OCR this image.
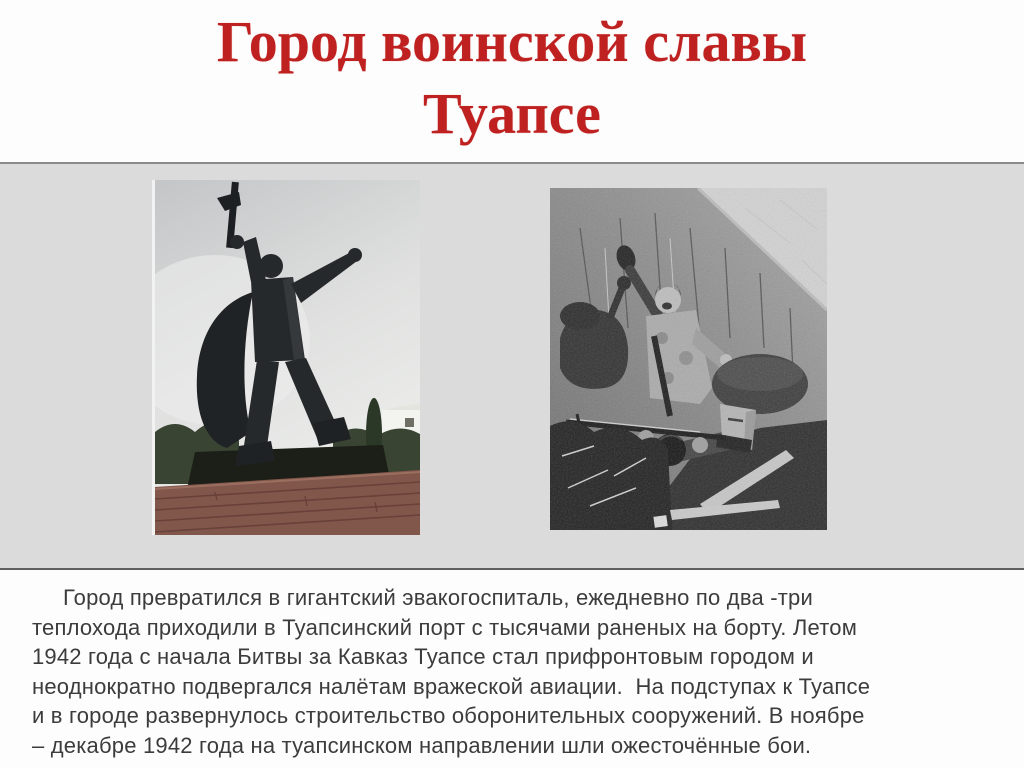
Город воинской славы
Туапсе
Город превратился в гигантский эвакогоспиталь, ежедневно по два -три
теплохода приходили в Туапсинский порт с тысячами раненых на борту. Летом
1942 года с начала Битвы за Кавказ Туапсе стал прифронтовым городом и
неоднократно подвергался налётам вражеской авиации.  На подступах к Туапсе
и в городе развернулось строительство оборонительных сооружений. В ноябре
– декабре 1942 года на туапсинском направлении шли ожесточённые бои.
